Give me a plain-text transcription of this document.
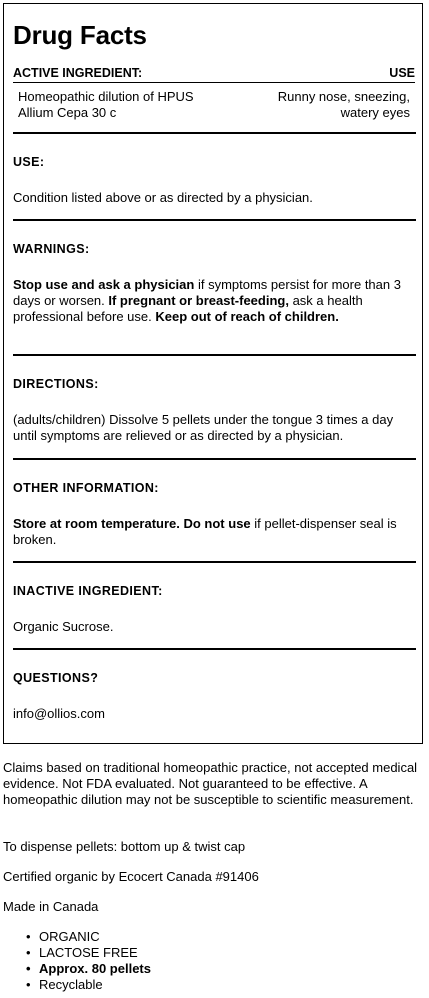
Drug Facts
ACTIVE INGREDIENT:	USE
Homeopathic dilution of HPUS
Allium Cepa 30 c
Runny nose, sneezing,
watery eyes
USE:
Condition listed above or as directed by a physician.
WARNINGS:
Stop use and ask a physician if symptoms persist for more than 3 days or worsen. If pregnant or breast-feeding, ask a health professional before use. Keep out of reach of children.
DIRECTIONS:
(adults/children) Dissolve 5 pellets under the tongue 3 times a day until symptoms are relieved or as directed by a physician.
OTHER INFORMATION:
Store at room temperature. Do not use if pellet-dispenser seal is broken.
INACTIVE INGREDIENT:
Organic Sucrose.
QUESTIONS?
info@ollios.com
Claims based on traditional homeopathic practice, not accepted medical evidence. Not FDA evaluated. Not guaranteed to be effective. A homeopathic dilution may not be susceptible to scientific measurement.
To dispense pellets: bottom up & twist cap
Certified organic by Ecocert Canada #91406
Made in Canada
• ORGANIC
• LACTOSE FREE
• Approx. 80 pellets
• Recyclable
